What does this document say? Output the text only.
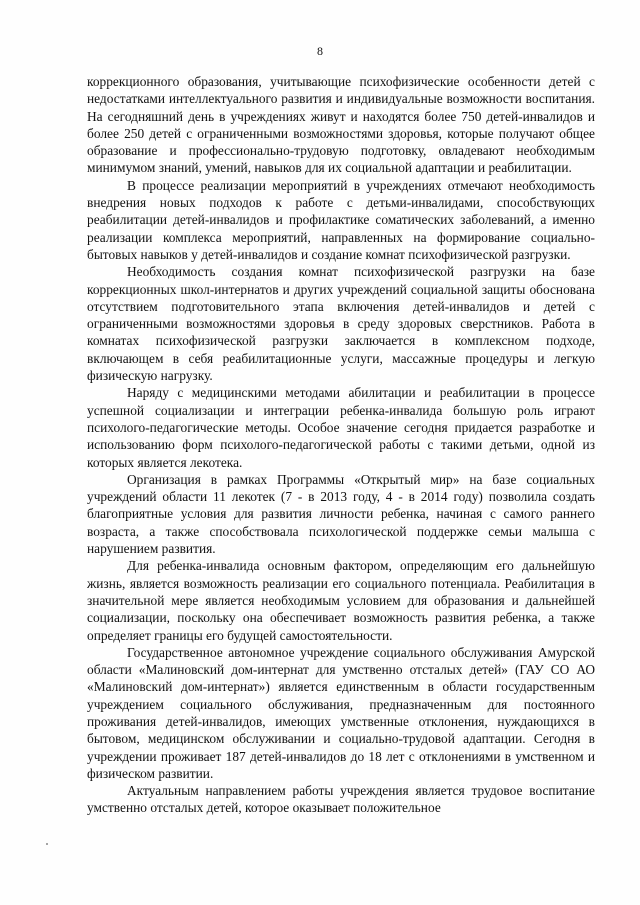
8

коррекционного образования, учитывающие психофизические особенности детей с недостатками интеллектуального развития и индивидуальные возможности воспитания. На сегодняшний день в учреждениях живут и находятся более 750 детей-инвалидов и более 250 детей с ограниченными возможностями здоровья, которые получают общее образование и профессионально-трудовую подготовку, овладевают необходимым минимумом знаний, умений, навыков для их социальной адаптации и реабилитации.

В процессе реализации мероприятий в учреждениях отмечают необходимость внедрения новых подходов к работе с детьми-инвалидами, способствующих реабилитации детей-инвалидов и профилактике соматических заболеваний, а именно реализации комплекса мероприятий, направленных на формирование социально-бытовых навыков у детей-инвалидов и создание комнат психофизической разгрузки.

Необходимость создания комнат психофизической разгрузки на базе коррекционных школ-интернатов и других учреждений социальной защиты обоснована отсутствием подготовительного этапа включения детей-инвалидов и детей с ограниченными возможностями здоровья в среду здоровых сверстников. Работа в комнатах психофизической разгрузки заключается в комплексном подходе, включающем в себя реабилитационные услуги, массажные процедуры и легкую физическую нагрузку.

Наряду с медицинскими методами абилитации и реабилитации в процессе успешной социализации и интеграции ребенка-инвалида большую роль играют психолого-педагогические методы. Особое значение сегодня придается разработке и использованию форм психолого-педагогической работы с такими детьми, одной из которых является лекотека.

Организация в рамках Программы «Открытый мир» на базе социальных учреждений области 11 лекотек (7 - в 2013 году, 4 - в 2014 году) позволила создать благоприятные условия для развития личности ребенка, начиная с самого раннего возраста, а также способствовала психологической поддержке семьи малыша с нарушением развития.

Для ребенка-инвалида основным фактором, определяющим его дальнейшую жизнь, является возможность реализации его социального потенциала. Реабилитация в значительной мере является необходимым условием для образования и дальнейшей социализации, поскольку она обеспечивает возможность развития ребенка, а также определяет границы его будущей самостоятельности.

Государственное автономное учреждение социального обслуживания Амурской области «Малиновский дом-интернат для умственно отсталых детей» (ГАУ СО АО «Малиновский дом-интернат») является единственным в области государственным учреждением социального обслуживания, предназначенным для постоянного проживания детей-инвалидов, имеющих умственные отклонения, нуждающихся в бытовом, медицинском обслуживании и социально-трудовой адаптации. Сегодня в учреждении проживает 187 детей-инвалидов до 18 лет с отклонениями в умственном и физическом развитии.

Актуальным направлением работы учреждения является трудовое воспитание умственно отсталых детей, которое оказывает положительное
